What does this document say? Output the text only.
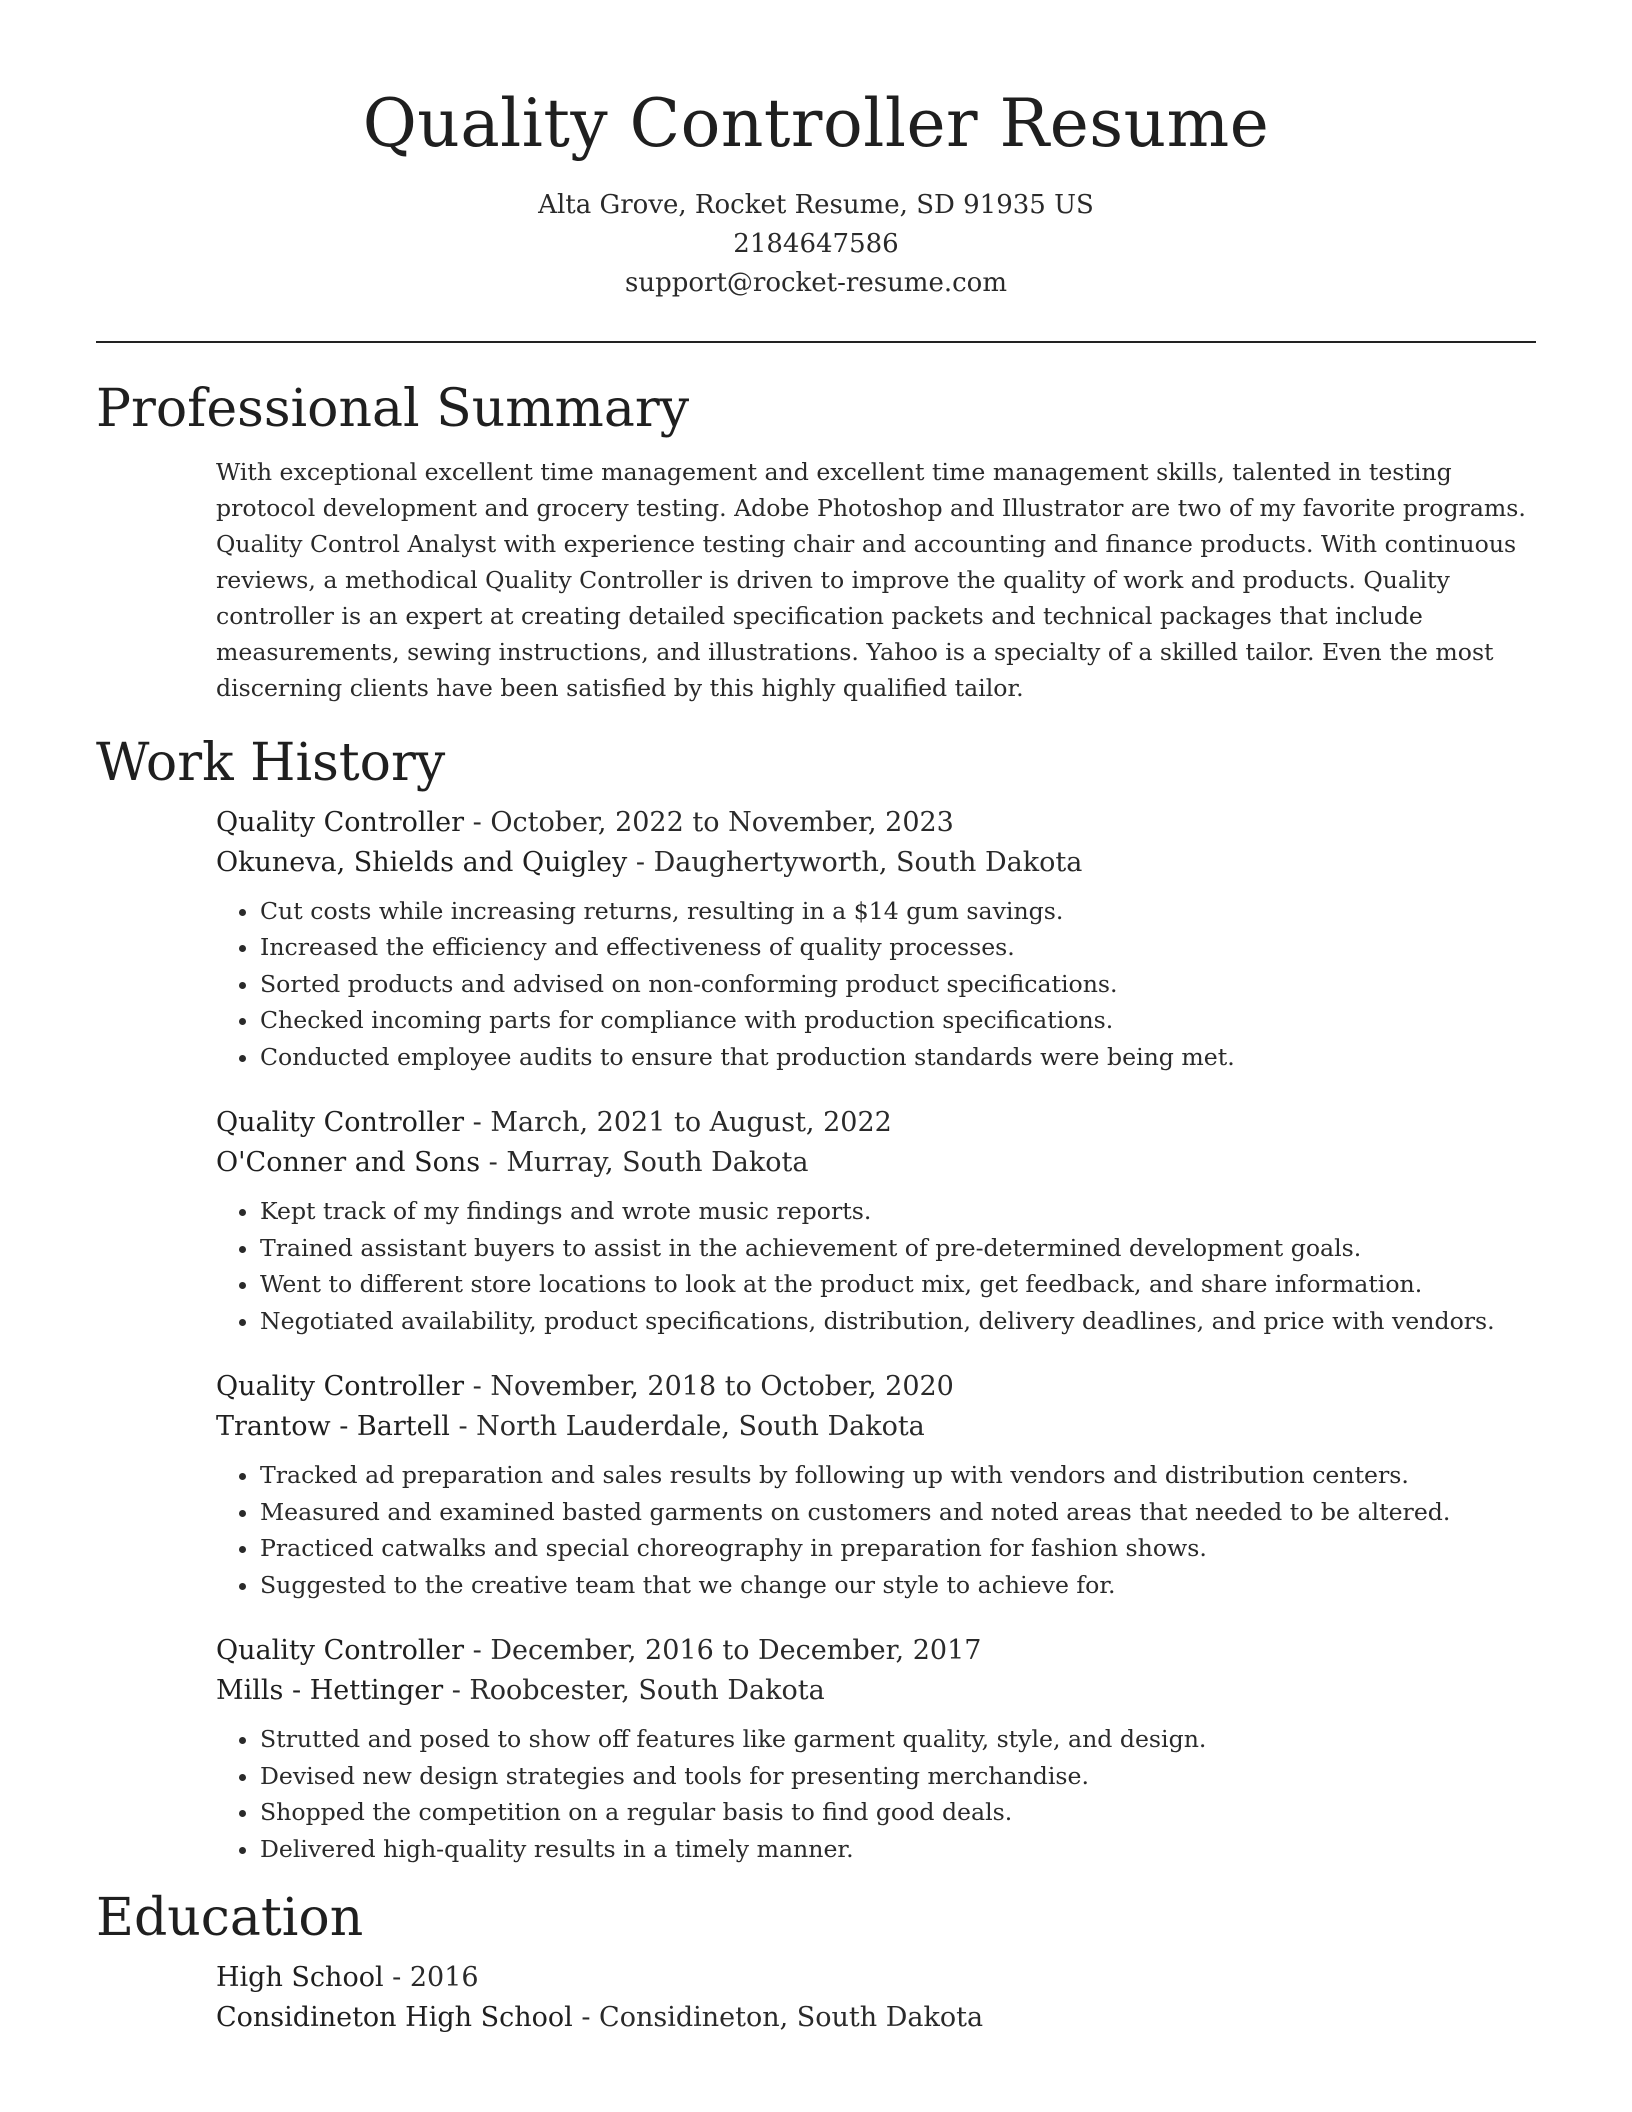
Quality Controller Resume
Alta Grove, Rocket Resume, SD 91935 US
2184647586
support@rocket-resume.com
Professional Summary

With exceptional excellent time management and excellent time management skills, talented in testing protocol development and grocery testing. Adobe Photoshop and Illustrator are two of my favorite programs. Quality Control Analyst with experience testing chair and accounting and finance products. With continuous reviews, a methodical Quality Controller is driven to improve the quality of work and products. Quality controller is an expert at creating detailed specification packets and technical packages that include measurements, sewing instructions, and illustrations. Yahoo is a specialty of a skilled tailor. Even the most discerning clients have been satisfied by this highly qualified tailor.

Work History
Quality Controller - October, 2022 to November, 2023
Okuneva, Shields and Quigley - Daughertyworth, South Dakota
• Cut costs while increasing returns, resulting in a $14 gum savings.
• Increased the efficiency and effectiveness of quality processes.
• Sorted products and advised on non-conforming product specifications.
• Checked incoming parts for compliance with production specifications.
• Conducted employee audits to ensure that production standards were being met.
Quality Controller - March, 2021 to August, 2022
O'Conner and Sons - Murray, South Dakota
• Kept track of my findings and wrote music reports.
• Trained assistant buyers to assist in the achievement of pre-determined development goals.
• Went to different store locations to look at the product mix, get feedback, and share information.
• Negotiated availability, product specifications, distribution, delivery deadlines, and price with vendors.
Quality Controller - November, 2018 to October, 2020
Trantow - Bartell - North Lauderdale, South Dakota
• Tracked ad preparation and sales results by following up with vendors and distribution centers.
• Measured and examined basted garments on customers and noted areas that needed to be altered.
• Practiced catwalks and special choreography in preparation for fashion shows.
• Suggested to the creative team that we change our style to achieve for.
Quality Controller - December, 2016 to December, 2017
Mills - Hettinger - Roobcester, South Dakota
• Strutted and posed to show off features like garment quality, style, and design.
• Devised new design strategies and tools for presenting merchandise.
• Shopped the competition on a regular basis to find good deals.
• Delivered high-quality results in a timely manner.
Education
High School - 2016
Considineton High School - Considineton, South Dakota
